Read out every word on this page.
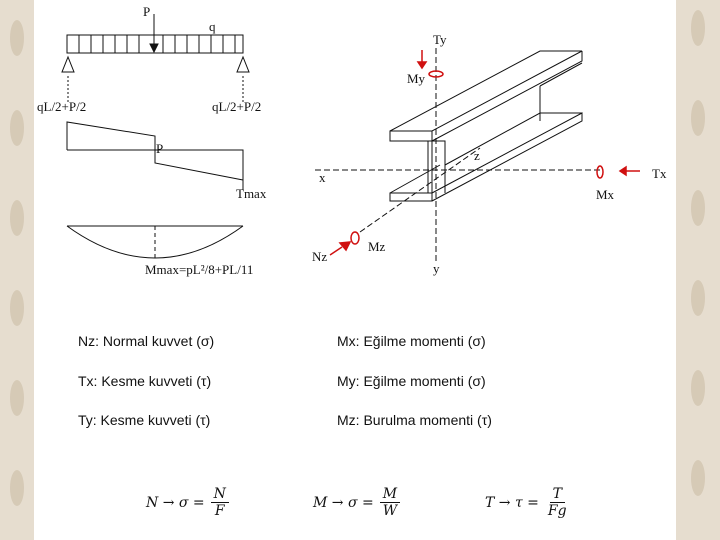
P
q
qL/2+P/2	qL/2+P/2
P
Tmax
Mmax=pL²/8+PL/11
Ty
My
z
x	Tx
Mx
Nz
Mz
y
Nz: Normal kuvvet (σ)
Tx: Kesme kuvveti (τ)
Ty: Kesme kuvveti (τ)
Mx: Eğilme momenti (σ)
My: Eğilme momenti (σ)
Mz: Burulma momenti (τ)
$N \to \sigma = \frac{N}{F}$	$M \to \sigma = \frac{M}{W}$	$T \to \tau = \frac{T}{Fg}$
